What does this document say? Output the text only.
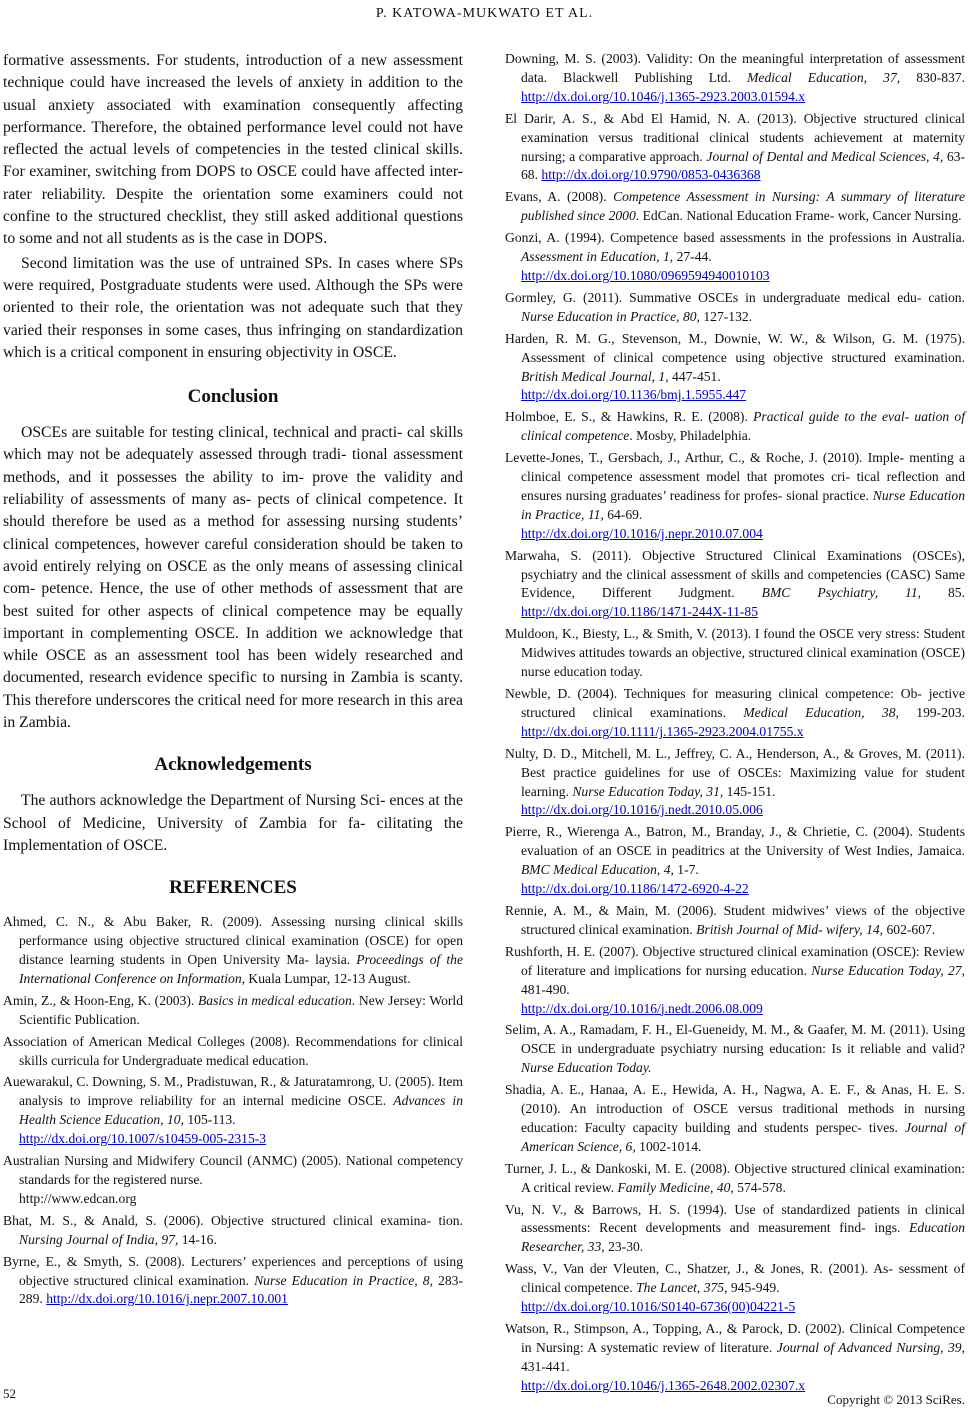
P. KATOWA-MUKWATO ET AL.

formative assessments. For students, introduction of a new assessment technique could have increased the levels of anxiety in addition to the usual anxiety associated with examination consequently affecting performance. Therefore, the obtained performance level could not have reflected the actual levels of competencies in the tested clinical skills. For examiner, switching from DOPS to OSCE could have affected inter-rater reliability. Despite the orientation some examiners could not confine to the structured checklist, they still asked additional questions to some and not all students as is the case in DOPS.

Second limitation was the use of untrained SPs. In cases where SPs were required, Postgraduate students were used. Although the SPs were oriented to their role, the orientation was not adequate such that they varied their responses in some cases, thus infringing on standardization which is a critical component in ensuring objectivity in OSCE.

Conclusion

OSCEs are suitable for testing clinical, technical and practi- cal skills which may not be adequately assessed through tradi- tional assessment methods, and it possesses the ability to im- prove the validity and reliability of assessments of many as- pects of clinical competence. It should therefore be used as a method for assessing nursing students’ clinical competences, however careful consideration should be taken to avoid entirely relying on OSCE as the only means of assessing clinical com- petence. Hence, the use of other methods of assessment that are best suited for other aspects of clinical competence may be equally important in complementing OSCE. In addition we acknowledge that while OSCE as an assessment tool has been widely researched and documented, research evidence specific to nursing in Zambia is scanty. This therefore underscores the critical need for more research in this area in Zambia.

Acknowledgements

The authors acknowledge the Department of Nursing Sci- ences at the School of Medicine, University of Zambia for fa- cilitating the Implementation of OSCE.

REFERENCES

Ahmed, C. N., & Abu Baker, R. (2009). Assessing nursing clinical skills performance using objective structured clinical examination (OSCE) for open distance learning students in Open University Ma- laysia. Proceedings of the International Conference on Information, Kuala Lumpar, 12-13 August.

Amin, Z., & Hoon-Eng, K. (2003). Basics in medical education. New Jersey: World Scientific Publication.

Association of American Medical Colleges (2008). Recommendations for clinical skills curricula for Undergraduate medical education.

Auewarakul, C. Downing, S. M., Pradistuwan, R., & Jaturatamrong, U. (2005). Item analysis to improve reliability for an internal medicine OSCE. Advances in Health Science Education, 10, 105-113.
http://dx.doi.org/10.1007/s10459-005-2315-3

Australian Nursing and Midwifery Council (ANMC) (2005). National competency standards for the registered nurse.
http://www.edcan.org

Bhat, M. S., & Anald, S. (2006). Objective structured clinical examina- tion. Nursing Journal of India, 97, 14-16.

Byrne, E., & Smyth, S. (2008). Lecturers’ experiences and perceptions of using objective structured clinical examination. Nurse Education in Practice, 8, 283-289. http://dx.doi.org/10.1016/j.nepr.2007.10.001

Downing, M. S. (2003). Validity: On the meaningful interpretation of assessment data. Blackwell Publishing Ltd. Medical Education, 37, 830-837. http://dx.doi.org/10.1046/j.1365-2923.2003.01594.x

El Darir, A. S., & Abd El Hamid, N. A. (2013). Objective structured clinical examination versus traditional clinical students achievement at maternity nursing; a comparative approach. Journal of Dental and Medical Sciences, 4, 63-68. http://dx.doi.org/10.9790/0853-0436368

Evans, A. (2008). Competence Assessment in Nursing: A summary of literature published since 2000. EdCan. National Education Frame- work, Cancer Nursing.

Gonzi, A. (1994). Competence based assessments in the professions in Australia. Assessment in Education, 1, 27-44.
http://dx.doi.org/10.1080/0969594940010103

Gormley, G. (2011). Summative OSCEs in undergraduate medical edu- cation. Nurse Education in Practice, 80, 127-132.

Harden, R. M. G., Stevenson, M., Downie, W. W., & Wilson, G. M. (1975). Assessment of clinical competence using objective structured examination. British Medical Journal, 1, 447-451.
http://dx.doi.org/10.1136/bmj.1.5955.447

Holmboe, E. S., & Hawkins, R. E. (2008). Practical guide to the eval- uation of clinical competence. Mosby, Philadelphia.

Levette-Jones, T., Gersbach, J., Arthur, C., & Roche, J. (2010). Imple- menting a clinical competence assessment model that promotes cri- tical reflection and ensures nursing graduates’ readiness for profes- sional practice. Nurse Education in Practice, 11, 64-69.
http://dx.doi.org/10.1016/j.nepr.2010.07.004

Marwaha, S. (2011). Objective Structured Clinical Examinations (OSCEs), psychiatry and the clinical assessment of skills and competencies (CASC) Same Evidence, Different Judgment. BMC Psychiatry, 11, 85. http://dx.doi.org/10.1186/1471-244X-11-85

Muldoon, K., Biesty, L., & Smith, V. (2013). I found the OSCE very stress: Student Midwives attitudes towards an objective, structured clinical examination (OSCE) nurse education today.

Newble, D. (2004). Techniques for measuring clinical competence: Ob- jective structured clinical examinations. Medical Education, 38, 199-203. http://dx.doi.org/10.1111/j.1365-2923.2004.01755.x

Nulty, D. D., Mitchell, M. L., Jeffrey, C. A., Henderson, A., & Groves, M. (2011). Best practice guidelines for use of OSCEs: Maximizing value for student learning. Nurse Education Today, 31, 145-151.
http://dx.doi.org/10.1016/j.nedt.2010.05.006

Pierre, R., Wierenga A., Batron, M., Branday, J., & Chrietie, C. (2004). Students evaluation of an OSCE in peaditrics at the University of West Indies, Jamaica. BMC Medical Education, 4, 1-7.
http://dx.doi.org/10.1186/1472-6920-4-22

Rennie, A. M., & Main, M. (2006). Student midwives’ views of the objective structured clinical examination. British Journal of Mid- wifery, 14, 602-607.

Rushforth, H. E. (2007). Objective structured clinical examination (OSCE): Review of literature and implications for nursing education. Nurse Education Today, 27, 481-490.
http://dx.doi.org/10.1016/j.nedt.2006.08.009

Selim, A. A., Ramadam, F. H., El-Gueneidy, M. M., & Gaafer, M. M. (2011). Using OSCE in undergraduate psychiatry nursing education: Is it reliable and valid? Nurse Education Today.

Shadia, A. E., Hanaa, A. E., Hewida, A. H., Nagwa, A. E. F., & Anas, H. E. S. (2010). An introduction of OSCE versus traditional methods in nursing education: Faculty capacity building and students perspec- tives. Journal of American Science, 6, 1002-1014.

Turner, J. L., & Dankoski, M. E. (2008). Objective structured clinical examination: A critical review. Family Medicine, 40, 574-578.

Vu, N. V., & Barrows, H. S. (1994). Use of standardized patients in clinical assessments: Recent developments and measurement find- ings. Education Researcher, 33, 23-30.

Wass, V., Van der Vleuten, C., Shatzer, J., & Jones, R. (2001). As- sessment of clinical competence. The Lancet, 375, 945-949.
http://dx.doi.org/10.1016/S0140-6736(00)04221-5

Watson, R., Stimpson, A., Topping, A., & Parock, D. (2002). Clinical Competence in Nursing: A systematic review of literature. Journal of Advanced Nursing, 39, 431-441.
http://dx.doi.org/10.1046/j.1365-2648.2002.02307.x

52	Copyright © 2013 SciRes.
